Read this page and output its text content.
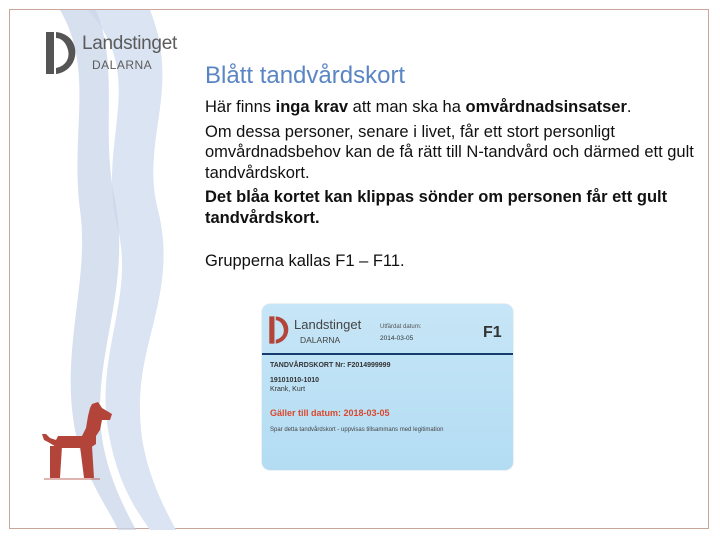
Landstinget
DALARNA Blått tandvårdskort

Här finns inga krav att man ska ha omvårdnadsinsatser.

Om dessa personer, senare i livet, får ett stort personligt omvårdnadsbehov kan de få rätt till N-tandvård och därmed ett gult tandvårdskort.

Det blåa kortet kan klippas sönder om personen får ett gult tandvårdskort.

Grupperna kallas F1 – F11.

Landstinget
DALARNA
Utfärdat datum:
2014-03-05	F1
TANDVÅRDSKORT Nr: F2014999999
19101010-1010
Krank, Kurt
Gäller till datum: 2018-03-05
Spar detta tandvårdskort - uppvisas tillsammans med legitimation
